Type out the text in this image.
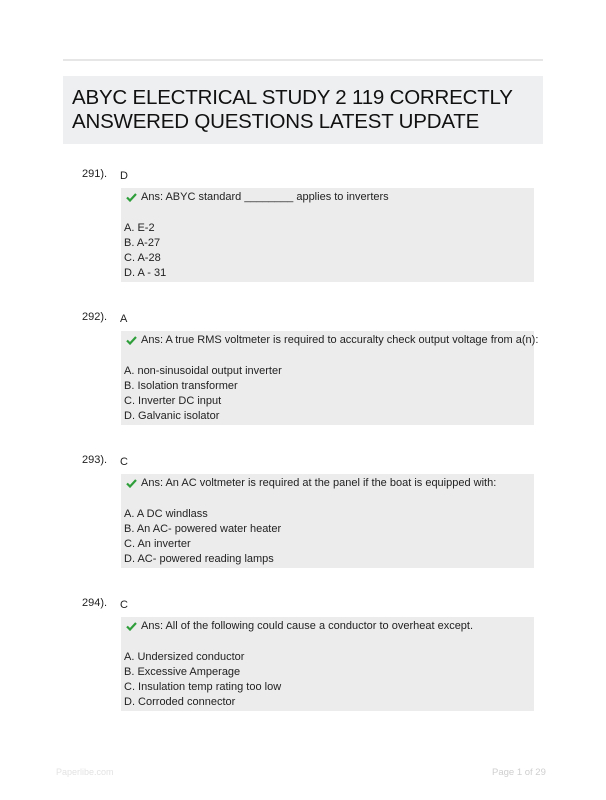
ABYC ELECTRICAL STUDY 2 119 CORRECTLY ANSWERED QUESTIONS LATEST UPDATE
291). D
Ans: ABYC standard ________ applies to inverters
A. E-2
B. A-27
C. A-28
D. A - 31
292). A
Ans: A true RMS voltmeter is required to accuralty check output voltage from a(n):
A. non-sinusoidal output inverter
B. Isolation transformer
C. Inverter DC input
D. Galvanic isolator
293). C
Ans: An AC voltmeter is required at the panel if the boat is equipped with:
A. A DC windlass
B. An AC- powered water heater
C. An inverter
D. AC- powered reading lamps
294). C
Ans: All of the following could cause a conductor to overheat except.
A. Undersized conductor
B. Excessive Amperage
C. Insulation temp rating too low
D. Corroded connector
Paperlibe.com	Page 1 of 29
